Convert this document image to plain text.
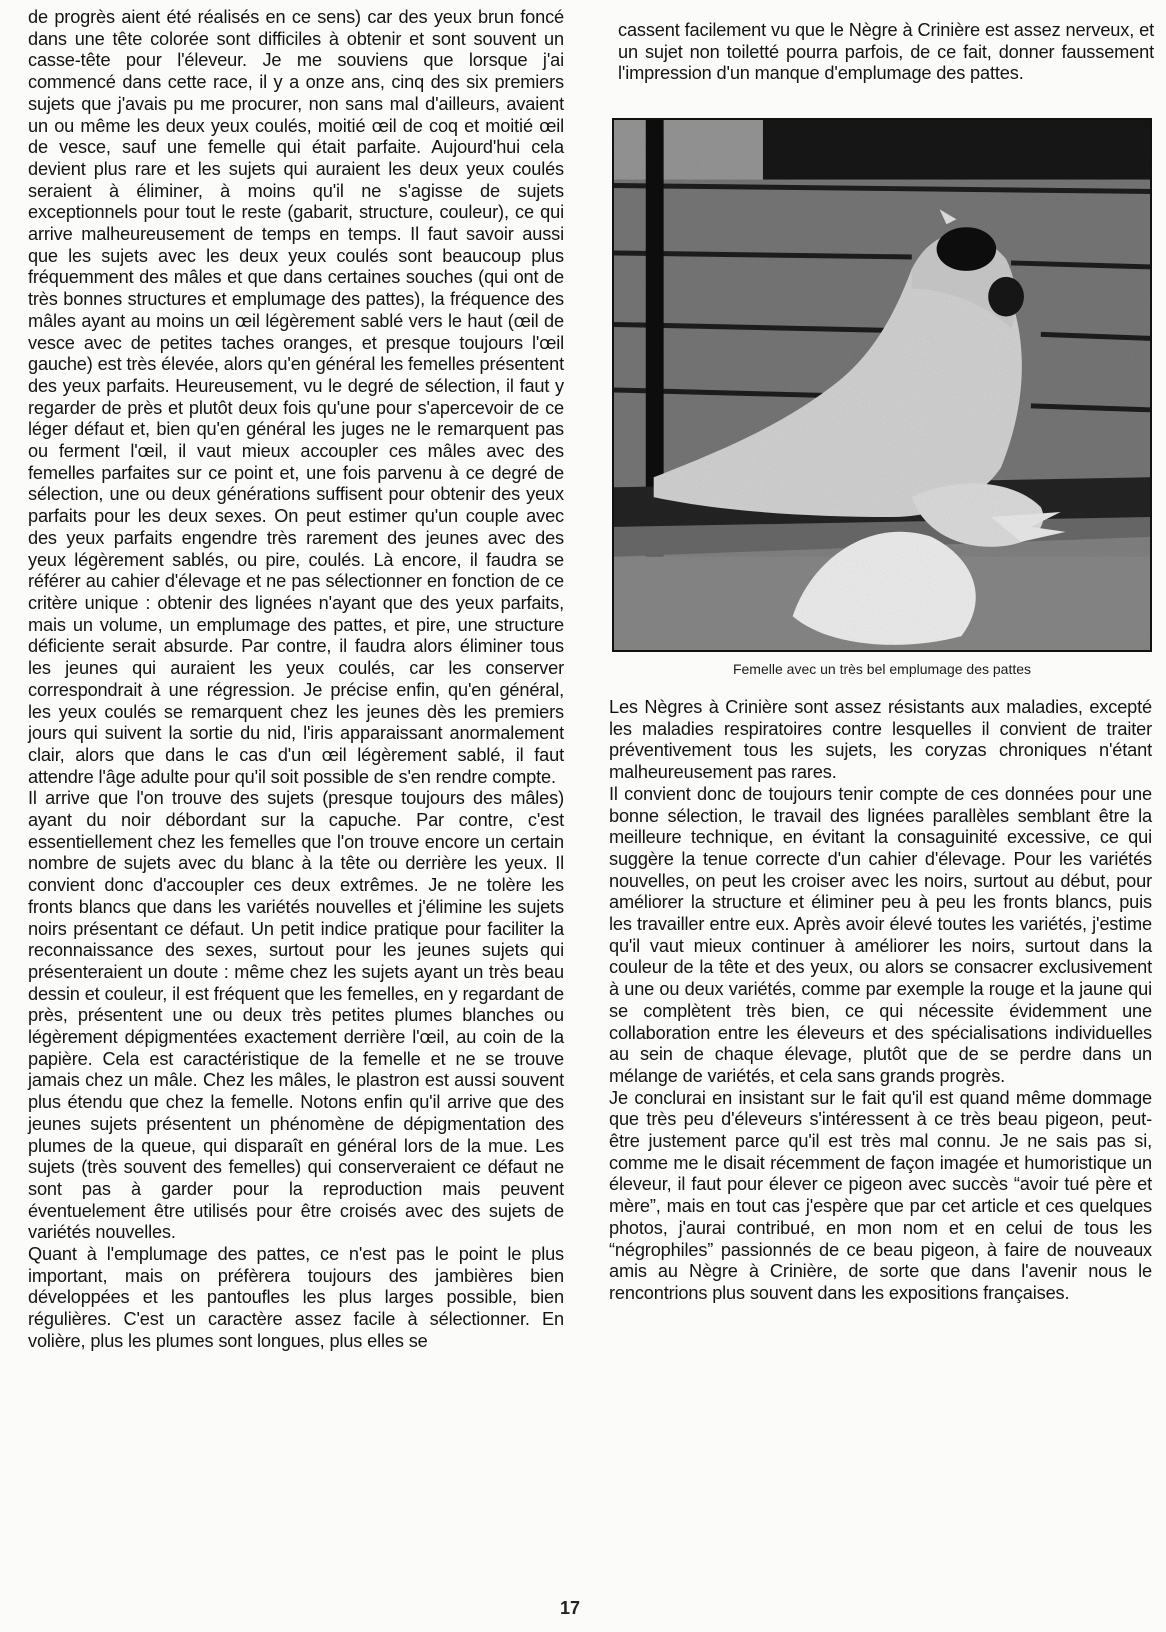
de progrès aient été réalisés en ce sens) car des yeux brun foncé dans une tête colorée sont difficiles à obtenir et sont souvent un casse-tête pour l'éleveur. Je me souviens que lorsque j'ai commencé dans cette race, il y a onze ans, cinq des six premiers sujets que j'avais pu me procurer, non sans mal d'ailleurs, avaient un ou même les deux yeux coulés, moitié œil de coq et moitié œil de vesce, sauf une femelle qui était parfaite. Aujourd'hui cela devient plus rare et les sujets qui auraient les deux yeux coulés seraient à éliminer, à moins qu'il ne s'agisse de sujets exceptionnels pour tout le reste (gabarit, structure, couleur), ce qui arrive malheureusement de temps en temps. Il faut savoir aussi que les sujets avec les deux yeux coulés sont beaucoup plus fréquemment des mâles et que dans certaines souches (qui ont de très bonnes structures et emplumage des pattes), la fréquence des mâles ayant au moins un œil légèrement sablé vers le haut (œil de vesce avec de petites taches oranges, et presque toujours l'œil gauche) est très élevée, alors qu'en général les femelles présentent des yeux parfaits. Heureusement, vu le degré de sélection, il faut y regarder de près et plutôt deux fois qu'une pour s'apercevoir de ce léger défaut et, bien qu'en général les juges ne le remarquent pas ou ferment l'œil, il vaut mieux accoupler ces mâles avec des femelles parfaites sur ce point et, une fois parvenu à ce degré de sélection, une ou deux générations suffisent pour obtenir des yeux parfaits pour les deux sexes. On peut estimer qu'un couple avec des yeux parfaits engendre très rarement des jeunes avec des yeux légèrement sablés, ou pire, coulés. Là encore, il faudra se référer au cahier d'élevage et ne pas sélectionner en fonction de ce critère unique : obtenir des lignées n'ayant que des yeux parfaits, mais un volume, un emplumage des pattes, et pire, une structure déficiente serait absurde. Par contre, il faudra alors éliminer tous les jeunes qui auraient les yeux coulés, car les conserver correspondrait à une régression. Je précise enfin, qu'en général, les yeux coulés se remarquent chez les jeunes dès les premiers jours qui suivent la sortie du nid, l'iris apparaissant anormalement clair, alors que dans le cas d'un œil légèrement sablé, il faut attendre l'âge adulte pour qu'il soit possible de s'en rendre compte.

Il arrive que l'on trouve des sujets (presque toujours des mâles) ayant du noir débordant sur la capuche. Par contre, c'est essentiellement chez les femelles que l'on trouve encore un certain nombre de sujets avec du blanc à la tête ou derrière les yeux. Il convient donc d'accoupler ces deux extrêmes. Je ne tolère les fronts blancs que dans les variétés nouvelles et j'élimine les sujets noirs présentant ce défaut. Un petit indice pratique pour faciliter la reconnaissance des sexes, surtout pour les jeunes sujets qui présenteraient un doute : même chez les sujets ayant un très beau dessin et couleur, il est fréquent que les femelles, en y regardant de près, présentent une ou deux très petites plumes blanches ou légèrement dépigmentées exactement derrière l'œil, au coin de la papière. Cela est caractéristique de la femelle et ne se trouve jamais chez un mâle. Chez les mâles, le plastron est aussi souvent plus étendu que chez la femelle. Notons enfin qu'il arrive que des jeunes sujets présentent un phénomène de dépigmentation des plumes de la queue, qui disparaît en général lors de la mue. Les sujets (très souvent des femelles) qui conserveraient ce défaut ne sont pas à garder pour la reproduction mais peuvent éventuelement être utilisés pour être croisés avec des sujets de variétés nouvelles.

Quant à l'emplumage des pattes, ce n'est pas le point le plus important, mais on préfèrera toujours des jambières bien développées et les pantoufles les plus larges possible, bien régulières. C'est un caractère assez facile à sélectionner. En volière, plus les plumes sont longues, plus elles se

cassent facilement vu que le Nègre à Crinière est assez nerveux, et un sujet non toiletté pourra parfois, de ce fait, donner faussement l'impression d'un manque d'emplumage des pattes.

Femelle avec un très bel emplumage des pattes

Les Nègres à Crinière sont assez résistants aux maladies, excepté les maladies respiratoires contre lesquelles il convient de traiter préventivement tous les sujets, les coryzas chroniques n'étant malheureusement pas rares.

Il convient donc de toujours tenir compte de ces données pour une bonne sélection, le travail des lignées parallèles semblant être la meilleure technique, en évitant la consaguinité excessive, ce qui suggère la tenue correcte d'un cahier d'élevage. Pour les variétés nouvelles, on peut les croiser avec les noirs, surtout au début, pour améliorer la structure et éliminer peu à peu les fronts blancs, puis les travailler entre eux. Après avoir élevé toutes les variétés, j'estime qu'il vaut mieux continuer à améliorer les noirs, surtout dans la couleur de la tête et des yeux, ou alors se consacrer exclusivement à une ou deux variétés, comme par exemple la rouge et la jaune qui se complètent très bien, ce qui nécessite évidemment une collaboration entre les éleveurs et des spécialisations individuelles au sein de chaque élevage, plutôt que de se perdre dans un mélange de variétés, et cela sans grands progrès.

Je conclurai en insistant sur le fait qu'il est quand même dommage que très peu d'éleveurs s'intéressent à ce très beau pigeon, peut-être justement parce qu'il est très mal connu. Je ne sais pas si, comme me le disait récemment de façon imagée et humoristique un éleveur, il faut pour élever ce pigeon avec succès “avoir tué père et mère”, mais en tout cas j'espère que par cet article et ces quelques photos, j'aurai contribué, en mon nom et en celui de tous les “négrophiles” passionnés de ce beau pigeon, à faire de nouveaux amis au Nègre à Crinière, de sorte que dans l'avenir nous le rencontrions plus souvent dans les expositions françaises.

17
